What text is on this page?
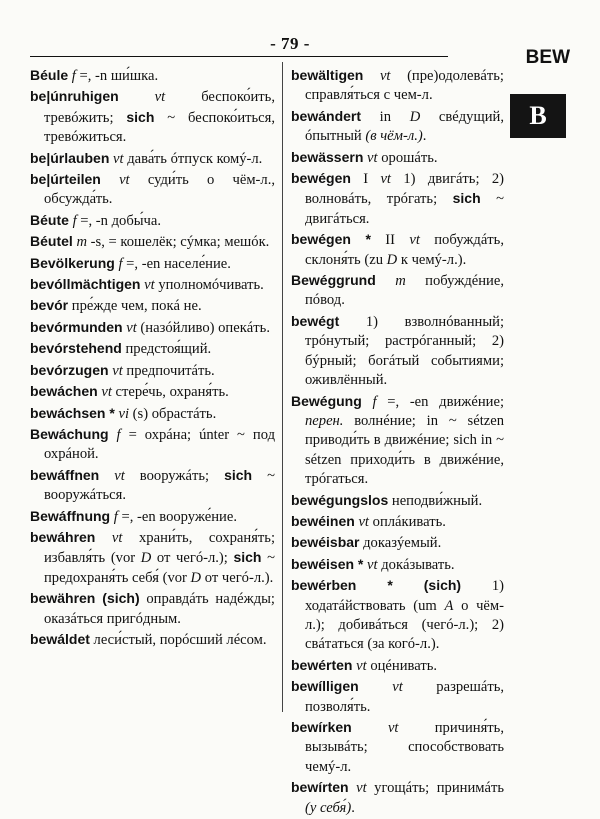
- 79 -
BEW
B

Béule f =, -n ши́шка.

be|únruhigen vt беспоко́ить, тревóжить; sich ~ беспоко́иться, тревóжиться.

be|úrlauben vt дава́ть óтпуск комý-л.

be|úrteilen vt суди́ть о чём-л., обсужда́ть.

Béute f =, -n добы́ча.

Béutel m -s, = кошелёк; сýмка; мешóк.

Bevölkerung f =, -en населе́ние.

bevóllmächtigen vt уполномóчивать.

bevór пре́жде чем, покá не.

bevórmunden vt (назóйливо) опекáть.

bevórstehend предстоя́щий.

bevórzugen vt предпочитáть.

bewáchen vt стере́чь, охраня́ть.

bewáchsen * vi (s) обрастáть.

Bewáchung f = охрáна; únter ~ под охрáной.

bewáffnen vt вооружáть; sich ~ вооружáться.

Bewáffnung f =, -en вооруже́ние.

bewáhren vt храни́ть, сохраня́ть; избавля́ть (vor D от чегó-л.); sich ~ предохраня́ть себя́ (vor D от чегó-л.).

bewähren (sich) оправдáть надéжды; оказáться пригóдным.

bewáldet леси́стый, порóсший лéсом.

bewältigen vt (пре)одолевáть; справля́ться с чем-л.

bewándert in D свéдущий, óпытный (в чём-л.).

bewässern vt орошáть.

bewégen I vt 1) двигáть; 2) волновáть, трóгать; sich ~ двигáться.

bewégen * II vt побуждáть, склоня́ть (zu D к чемý-л.).

Bewéggrund m побуждéние, пóвод.

bewégt 1) взволнóванный; трóнутый; растрóганный; 2) бýрный; богáтый событиями; оживлённый.

Bewégung f =, -en движéние; перен. волнéние; in ~ sétzen приводи́ть в движéние; sich in ~ sétzen приходи́ть в движéние, трóгаться.

bewégungslos неподви́жный.

bewéinen vt оплáкивать.

bewéisbar доказýемый.

bewéisen * vt докáзывать.

bewérben * (sich) 1) ходатáйствовать (um A о чём-л.); добивáться (чегó-л.); 2) свáтаться (за когó-л.).

bewérten vt оцéнивать.

bewílligen vt разрешáть, позволя́ть.

bewírken vt причиня́ть, вызывáть; способствовать чемý-л.

bewírten vt угощáть; принимáть (у себя́).
